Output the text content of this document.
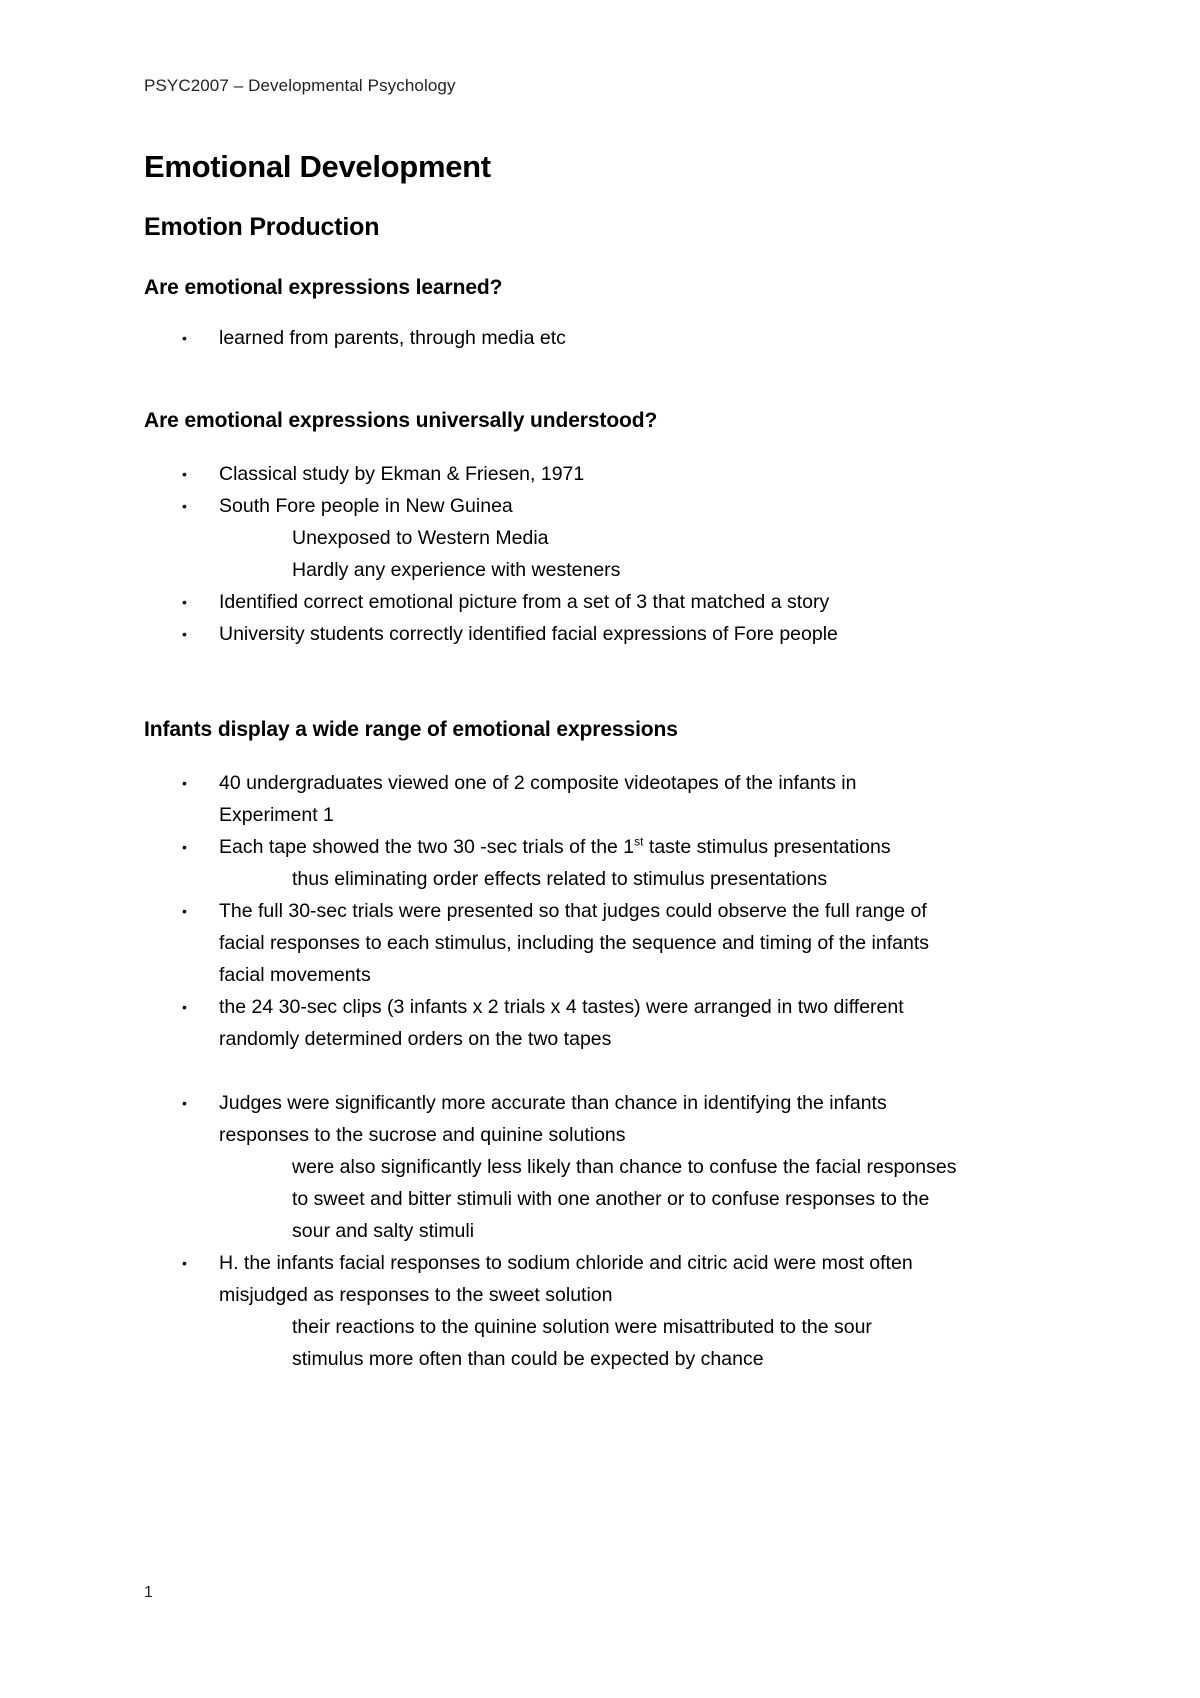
PSYC2007 – Developmental Psychology
Emotional Development
Emotion Production
Are emotional expressions learned?
• learned from parents, through media etc
Are emotional expressions universally understood?
• Classical study by Ekman & Friesen, 1971
• South Fore people in New Guinea
Unexposed to Western Media
Hardly any experience with westeners
• Identified correct emotional picture from a set of 3 that matched a story
• University students correctly identified facial expressions of Fore people
Infants display a wide range of emotional expressions
• 40 undergraduates viewed one of 2 composite videotapes of the infants in
Experiment 1
• Each tape showed the two 30 -sec trials of the 1st taste stimulus presentations
thus eliminating order effects related to stimulus presentations
• The full 30-sec trials were presented so that judges could observe the full range of
facial responses to each stimulus, including the sequence and timing of the infants
facial movements
• the 24 30-sec clips (3 infants x 2 trials x 4 tastes) were arranged in two different
randomly determined orders on the two tapes
• Judges were significantly more accurate than chance in identifying the infants
responses to the sucrose and quinine solutions
were also significantly less likely than chance to confuse the facial responses
to sweet and bitter stimuli with one another or to confuse responses to the
sour and salty stimuli
• H. the infants facial responses to sodium chloride and citric acid were most often
misjudged as responses to the sweet solution
their reactions to the quinine solution were misattributed to the sour
stimulus more often than could be expected by chance
1
